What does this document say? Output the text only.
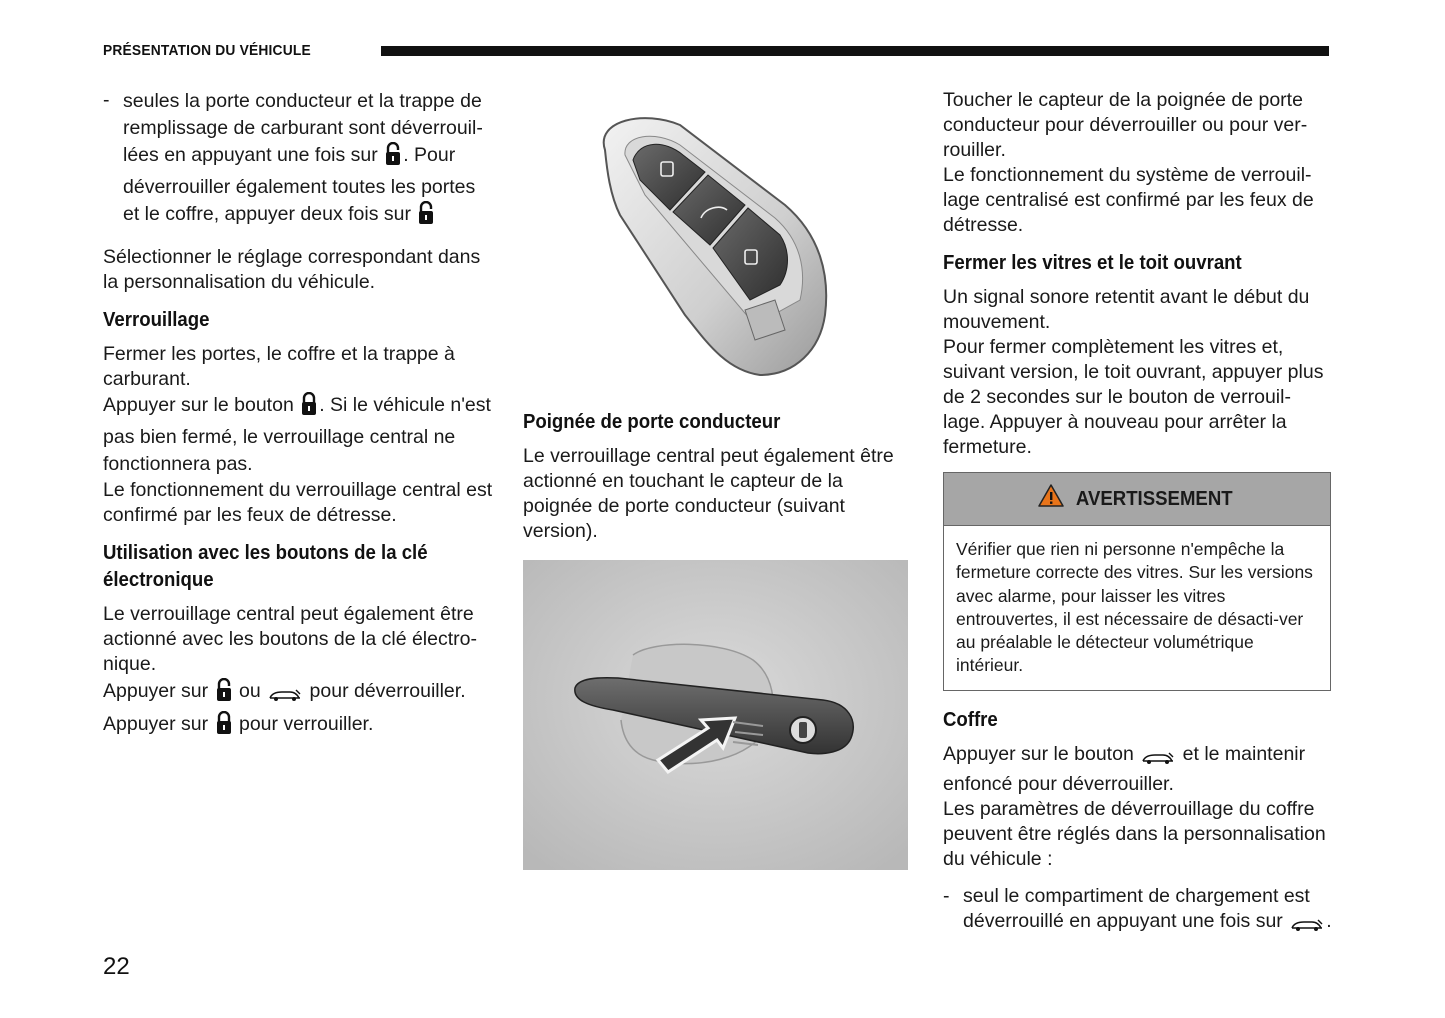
PRÉSENTATION DU VÉHICULE
- seules la porte conducteur et la trappe de remplissage de carburant sont déverrouil-lées en appuyant une fois sur . Pour déverrouiller également toutes les portes et le coffre, appuyer deux fois sur

Sélectionner le réglage correspondant dans la personnalisation du véhicule.

Verrouillage

Fermer les portes, le coffre et la trappe à carburant.

Appuyer sur le bouton . Si le véhicule n'est pas bien fermé, le verrouillage central ne fonctionnera pas.

Le fonctionnement du verrouillage central est confirmé par les feux de détresse.

Utilisation avec les boutons de la clé électronique

Le verrouillage central peut également être actionné avec les boutons de la clé électro-nique.

Appuyer sur ou	pour déverrouiller.

Appuyer sur pour verrouiller.

Poignée de porte conducteur

Le verrouillage central peut également être actionné en touchant le capteur de la poignée de porte conducteur (suivant version).

Toucher le capteur de la poignée de porte conducteur pour déverrouiller ou pour ver-rouiller.

Le fonctionnement du système de verrouil-lage centralisé est confirmé par les feux de détresse.

Fermer les vitres et le toit ouvrant

Un signal sonore retentit avant le début du mouvement.

Pour fermer complètement les vitres et, suivant version, le toit ouvrant, appuyer plus de 2 secondes sur le bouton de verrouil-lage. Appuyer à nouveau pour arrêter la fermeture.

AVERTISSEMENT
Vérifier que rien ni personne n'empêche la fermeture correcte des vitres. Sur les versions avec alarme, pour laisser les vitres entrouvertes, il est nécessaire de désacti-ver au préalable le détecteur volumétrique intérieur.
Coffre

Appuyer sur le bouton	et le maintenir enfoncé pour déverrouiller.

Les paramètres de déverrouillage du coffre peuvent être réglés dans la personnalisation du véhicule :

- seul le compartiment de chargement est déverrouillé en appuyant une fois sur .
22
